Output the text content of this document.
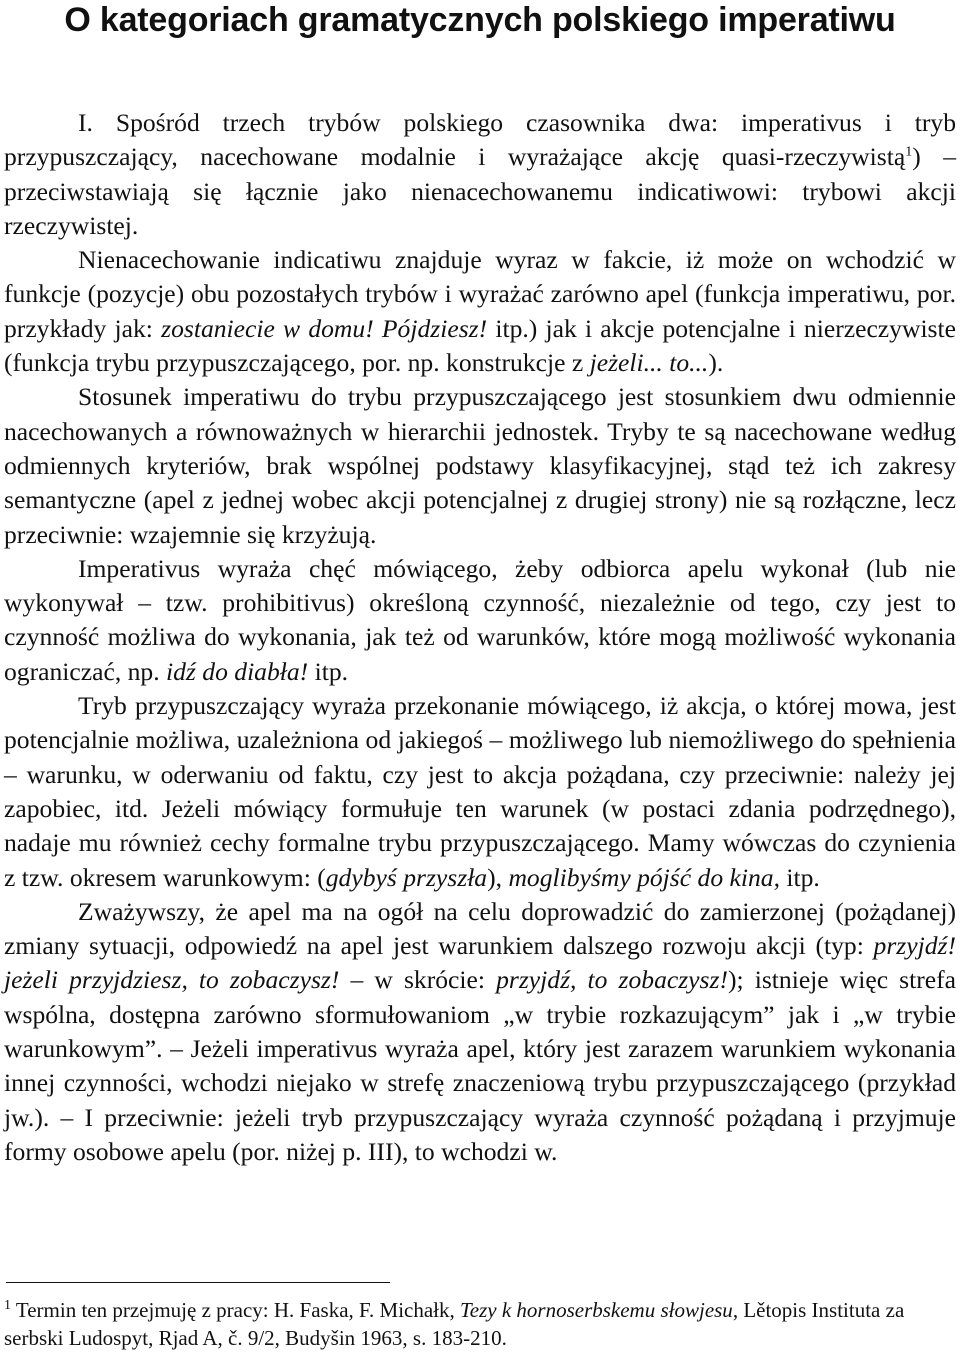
O kategoriach gramatycznych polskiego imperatiwu

I. Spośród trzech trybów polskiego czasownika dwa: imperativus i tryb przypuszczający, nacechowane modalnie i wyrażające akcję quasi-rzeczywistą$^1$) – przeciwstawiają się łącznie jako nienacechowanemu indicatiwowi: trybowi akcji rzeczywistej.

Nienacechowanie indicatiwu znajduje wyraz w fakcie, iż może on wchodzić w funkcje (pozycje) obu pozostałych trybów i wyrażać zarówno apel (funkcja imperatiwu, por. przykłady jak: zostaniecie w domu! Pójdziesz! itp.) jak i akcje potencjalne i nierzeczywiste (funkcja trybu przypuszczającego, por. np. konstrukcje z jeżeli... to...).

Stosunek imperatiwu do trybu przypuszczającego jest stosunkiem dwu odmiennie nacechowanych a równoważnych w hierarchii jednostek. Tryby te są nacechowane według odmiennych kryteriów, brak wspólnej podstawy klasyfikacyjnej, stąd też ich zakresy semantyczne (apel z jednej wobec akcji potencjalnej z drugiej strony) nie są rozłączne, lecz przeciwnie: wzajemnie się krzyżują.

Imperativus wyraża chęć mówiącego, żeby odbiorca apelu wykonał (lub nie wykonywał – tzw. prohibitivus) określoną czynność, niezależnie od tego, czy jest to czynność możliwa do wykonania, jak też od warunków, które mogą możliwość wykonania ograniczać, np. idź do diabła! itp.

Tryb przypuszczający wyraża przekonanie mówiącego, iż akcja, o której mowa, jest potencjalnie możliwa, uzależniona od jakiegoś – możliwego lub niemożliwego do spełnienia – warunku, w oderwaniu od faktu, czy jest to akcja pożądana, czy przeciwnie: należy jej zapobiec, itd. Jeżeli mówiący formułuje ten warunek (w postaci zdania podrzędnego), nadaje mu również cechy formalne trybu przypuszczającego. Mamy wówczas do czynienia z tzw. okresem warunkowym: (gdybyś przyszła), moglibyśmy pójść do kina, itp.

Zważywszy, że apel ma na ogół na celu doprowadzić do zamierzonej (pożądanej) zmiany sytuacji, odpowiedź na apel jest warunkiem dalszego rozwoju akcji (typ: przyjdź! jeżeli przyjdziesz, to zobaczysz! – w skrócie: przyjdź, to zobaczysz!); istnieje więc strefa wspólna, dostępna zarówno sformułowaniom „w trybie rozkazującym” jak i „w trybie warunkowym”. – Jeżeli imperativus wyraża apel, który jest zarazem warunkiem wykonania innej czynności, wchodzi niejako w strefę znaczeniową trybu przypuszczającego (przykład jw.). – I przeciwnie: jeżeli tryb przypuszczający wyraża czynność pożądaną i przyjmuje formy osobowe apelu (por. niżej p. III), to wchodzi w.

$^1$ Termin ten przejmuję z pracy: H. Faska, F. Michałk, Tezy k hornoserbskemu słowjesu, Lětopis Instituta za serbski Ludospyt, Rjad A, č. 9/2, Budyšin 1963, s. 183-210.
